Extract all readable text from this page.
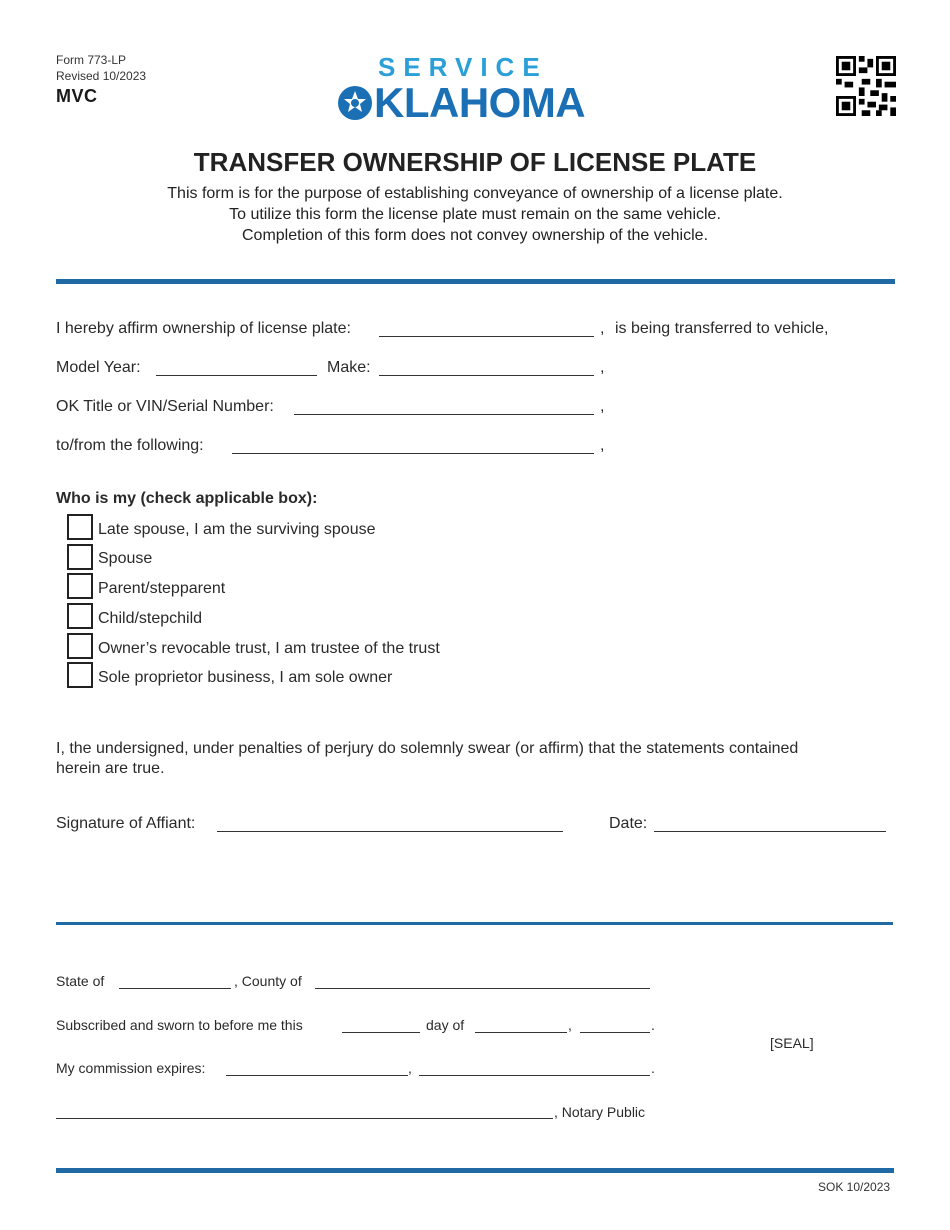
Form 773-LP
Revised 10/2023
MVC
SERVICE
KLAHOMA
TRANSFER OWNERSHIP OF LICENSE PLATE
This form is for the purpose of establishing conveyance of ownership of a license plate.
To utilize this form the license plate must remain on the same vehicle.
Completion of this form does not convey ownership of the vehicle.
I hereby affirm ownership of license plate:	, is being transferred to vehicle,
Model Year:	Make:	,
OK Title or VIN/Serial Number:	,
to/from the following:	,
Who is my (check applicable box):
Late spouse, I am the surviving spouse
Spouse
Parent/stepparent
Child/stepchild
Owner’s revocable trust, I am trustee of the trust
Sole proprietor business, I am sole owner
I, the undersigned, under penalties of perjury do solemnly swear (or affirm) that the statements contained
herein are true.
Signature of Affiant:	Date:
State of	, County of
Subscribed and sworn to before me this	day of	,	.
[SEAL]
My commission expires:	,	.
, Notary Public
SOK 10/2023
